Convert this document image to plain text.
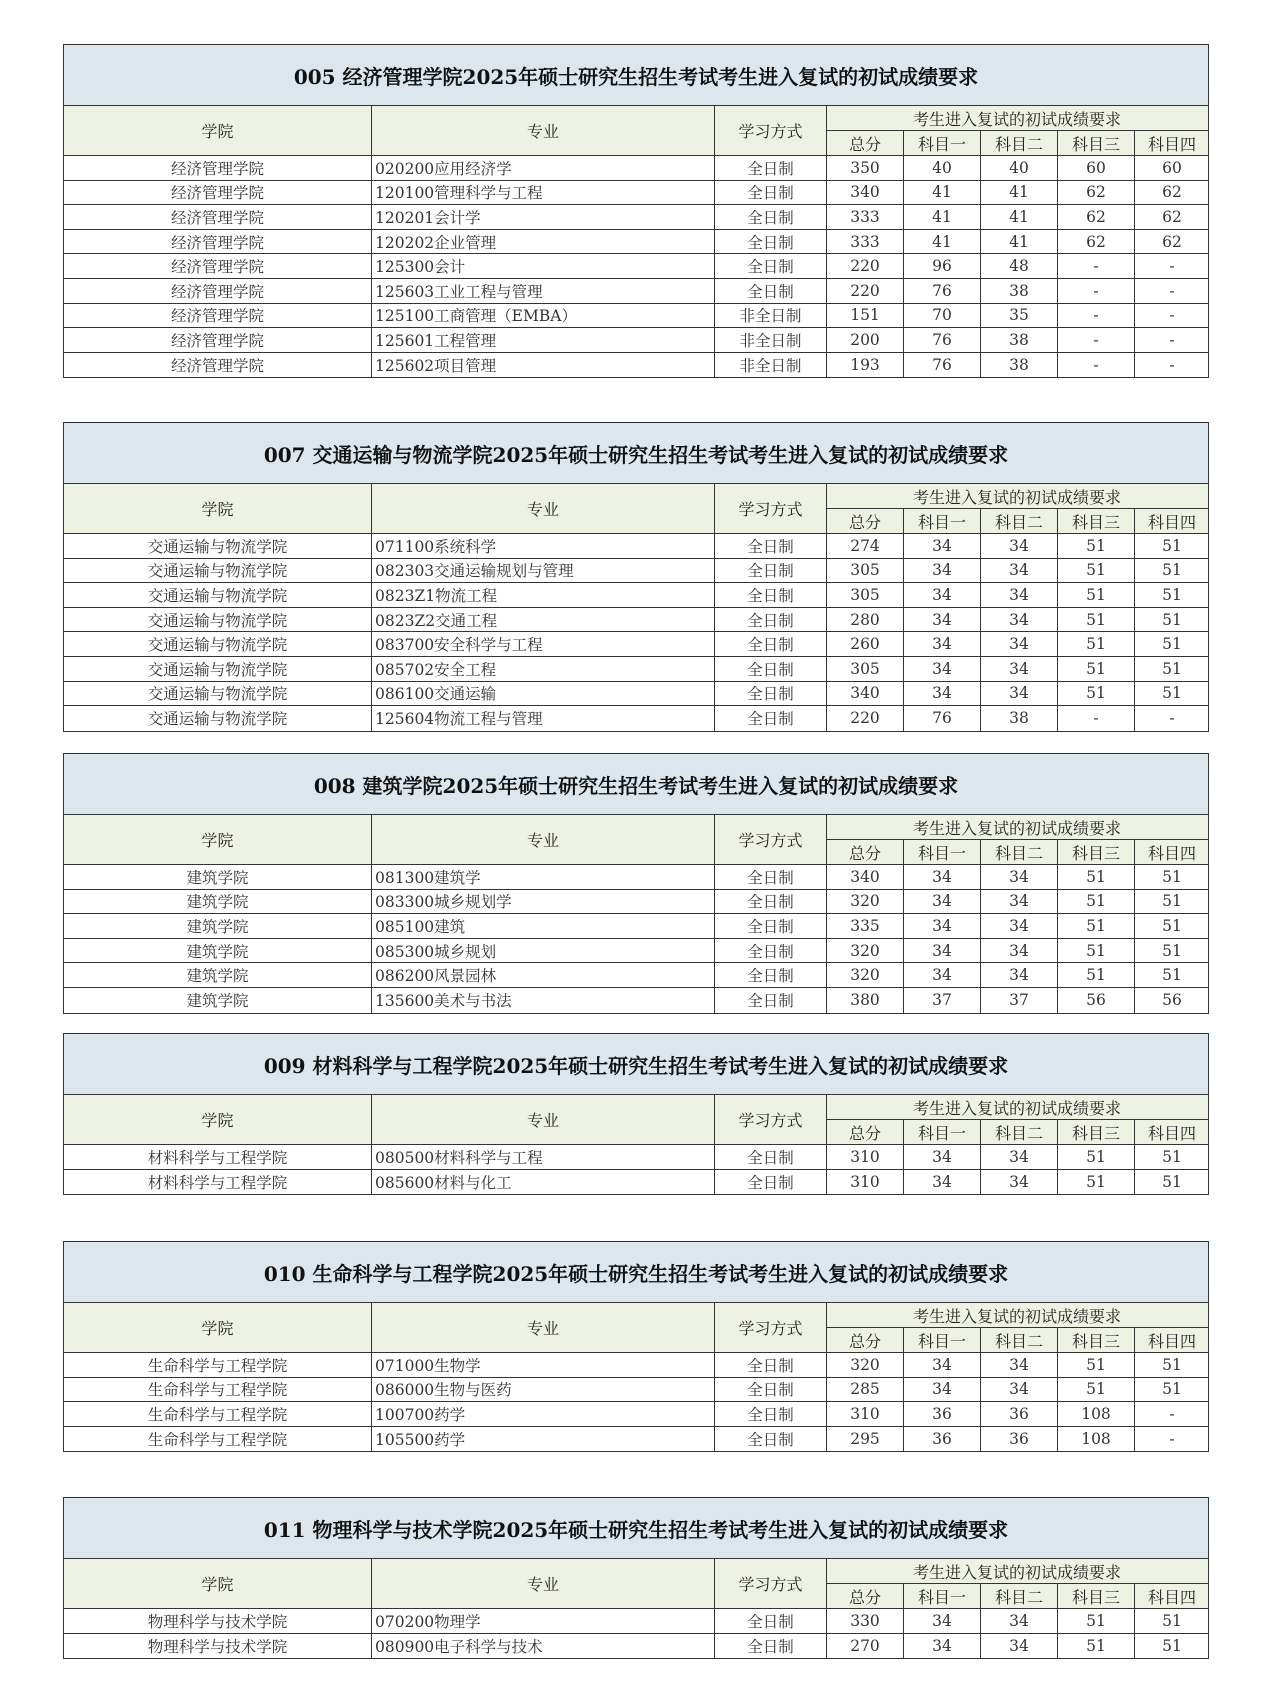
005 经济管理学院2025年硕士研究生招生考试考生进入复试的初试成绩要求
学院	专业	学习方式
考生进入复试的初试成绩要求
总分	科目一	科目二	科目三	科目四
经济管理学院	020200应用经济学	全日制	350	40	40	60	60
经济管理学院	120100管理科学与工程	全日制	340	41	41	62	62
经济管理学院	120201会计学	全日制	333	41	41	62	62
经济管理学院	120202企业管理	全日制	333	41	41	62	62
经济管理学院	125300会计	全日制	220	96	48	-	-
经济管理学院	125603工业工程与管理	全日制	220	76	38	-	-
经济管理学院	125100工商管理（EMBA）	非全日制	151	70	35	-	-
经济管理学院	125601工程管理	非全日制	200	76	38	-	-
经济管理学院	125602项目管理	非全日制	193	76	38	-	-
007 交通运输与物流学院2025年硕士研究生招生考试考生进入复试的初试成绩要求
学院	专业	学习方式
考生进入复试的初试成绩要求
总分	科目一	科目二	科目三	科目四
交通运输与物流学院	071100系统科学	全日制	274	34	34	51	51
交通运输与物流学院	082303交通运输规划与管理	全日制	305	34	34	51	51
交通运输与物流学院	0823Z1物流工程	全日制	305	34	34	51	51
交通运输与物流学院	0823Z2交通工程	全日制	280	34	34	51	51
交通运输与物流学院	083700安全科学与工程	全日制	260	34	34	51	51
交通运输与物流学院	085702安全工程	全日制	305	34	34	51	51
交通运输与物流学院	086100交通运输	全日制	340	34	34	51	51
交通运输与物流学院	125604物流工程与管理	全日制	220	76	38	-	-
008 建筑学院2025年硕士研究生招生考试考生进入复试的初试成绩要求
学院	专业	学习方式
考生进入复试的初试成绩要求
总分	科目一	科目二	科目三	科目四
建筑学院	081300建筑学	全日制	340	34	34	51	51
建筑学院	083300城乡规划学	全日制	320	34	34	51	51
建筑学院	085100建筑	全日制	335	34	34	51	51
建筑学院	085300城乡规划	全日制	320	34	34	51	51
建筑学院	086200风景园林	全日制	320	34	34	51	51
建筑学院	135600美术与书法	全日制	380	37	37	56	56
009 材料科学与工程学院2025年硕士研究生招生考试考生进入复试的初试成绩要求
学院	专业	学习方式
考生进入复试的初试成绩要求
总分	科目一	科目二	科目三	科目四
材料科学与工程学院	080500材料科学与工程	全日制	310	34	34	51	51
材料科学与工程学院	085600材料与化工	全日制	310	34	34	51	51
010 生命科学与工程学院2025年硕士研究生招生考试考生进入复试的初试成绩要求
学院	专业	学习方式
考生进入复试的初试成绩要求
总分	科目一	科目二	科目三	科目四
生命科学与工程学院	071000生物学	全日制	320	34	34	51	51
生命科学与工程学院	086000生物与医药	全日制	285	34	34	51	51
生命科学与工程学院	100700药学	全日制	310	36	36	108	-
生命科学与工程学院	105500药学	全日制	295	36	36	108	-
011 物理科学与技术学院2025年硕士研究生招生考试考生进入复试的初试成绩要求
学院	专业	学习方式
考生进入复试的初试成绩要求
总分	科目一	科目二	科目三	科目四
物理科学与技术学院	070200物理学	全日制	330	34	34	51	51
物理科学与技术学院	080900电子科学与技术	全日制	270	34	34	51	51
